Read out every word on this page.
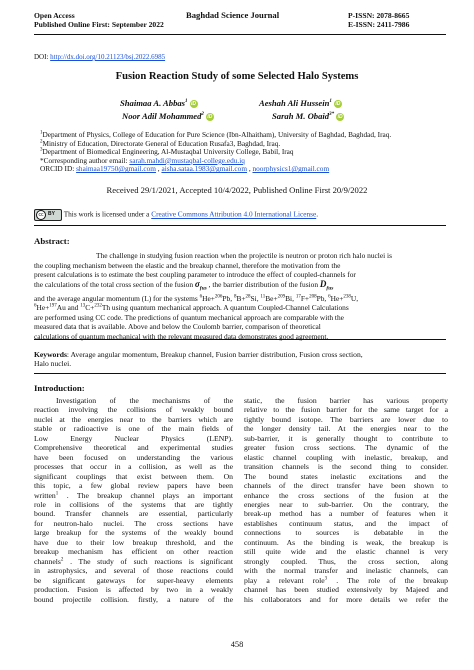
Open Access
Published Online First: September 2022
Baghdad Science Journal	P-ISSN: 2078-8665
E-ISSN: 2411-7986
DOI: http://dx.doi.org/10.21123/bsj.2022.6985
Fusion Reaction Study of some Selected Halo Systems
Shaimaa A. Abbas$^1$ iD	Aeshah Ali Hussein$^1$ iD
Noor Adil Mohammed$^2$ iD	Sarah M. Obaid$^{3*}$ iD
$^1$Department of Physics, College of Education for Pure Science (Ibn-Alhaitham), University of Baghdad, Baghdad, Iraq.
$^2$Ministry of Education, Directorate General of Education Rusafa3, Baghdad, Iraq.
$^3$Department of Biomedical Engineering, Al-Mustaqbal University College, Babil, Iraq
*Corresponding author email: sarah.mahdi@mustaqbal-college.edu.iq
ORCID ID: shaimaa19750@gmail.com , aisha.sataa.1983@gmail.com , noorphysics1@gmail.com
Received 29/1/2021, Accepted 10/4/2022, Published Online First 20/9/2022
cc BY This work is licensed under a Creative Commons Attribution 4.0 International License.
Abstract:
The challenge in studying fusion reaction when the projectile is neutron or proton rich halo nuclei is
the coupling mechanism between the elastic and the breakup channel, therefore the motivation from the
present calculations is to estimate the best coupling parameter to introduce the effect of coupled-channels for
the calculations of the total cross section of the fusion $\sigma_{fus}$ , the barrier distribution of the fusion $D_{fus}$
and the average angular momentum (L) for the systems $^6$He+$^{206}$Pb, $^8$B+$^{28}$Si, $^{11}$Be+$^{209}$Bi, $^{17}$F+$^{208}$Pb, $^6$He+$^{238}$U,
$^6$He+$^{197}$Au and $^{13}$C+$^{232}$Th using quantum mechanical approach. A quantum Coupled-Channel Calculations
are performed using CC code. The predictions of quantum mechanical approach are comparable with the
measured data that is available. Above and below the Coulomb barrier, comparison of theoretical
calculations of quantum mechanical with the relevant measured data demonstrates good agreement.
Keywords: Average angular momentum, Breakup channel, Fusion barrier distribution, Fusion cross section,
Halo nuclei.
Introduction:
Investigation of the mechanisms of the
reaction involving the collisions of weakly bound
nuclei at the energies near to the barriers which are
stable or radioactive is one of the main fields of
Low Energy Nuclear Physics (LENP).
Comprehensive theoretical and experimental studies
have been focused on understanding the various
processes that occur in a collision, as well as the
significant couplings that exist between them. On
this topic, a few global review papers have been
written$^1$ . The breakup channel plays an important
role in collisions of the systems that are tightly
bound. Transfer channels are essential, particularly
for neutron-halo nuclei. The cross sections have
large breakup for the systems of the weakly bound
have due to their low breakup threshold, and the
breakup mechanism has efficient on other reaction
channels$^2$ . The study of such reactions is significant
in astrophysics, and several of those reactions could
be significant gateways for super-heavy elements
production. Fusion is affected by two in a weakly
bound projectile collision. firstly, a nature of the
static, the fusion barrier has various property
relative to the fusion barrier for the same target for a
tightly bound isotope. The barriers are lower due to
the longer density tail. At the energies near to the
sub-barrier, it is generally thought to contribute to
greater fusion cross sections. The dynamic of the
elastic channel coupling with inelastic, breakup, and
transition channels is the second thing to consider.
The bound states inelastic excitations and the
channels of the direct transfer have been shown to
enhance the cross sections of the fusion at the
energies near to sub-barrier. On the contrary, the
break-up method has a number of features when it
establishes continuum status, and the impact of
connections to sources is debatable in the
continuum. As the binding is weak, the breakup is
still quite wide and the elastic channel is very
strongly coupled. Thus, the cross section, along
with the normal transfer and inelastic channels, can
play a relevant role$^3$ . The role of the breakup
channel has been studied extensively by Majeed and
his collaborators and for more details we refer the
458
